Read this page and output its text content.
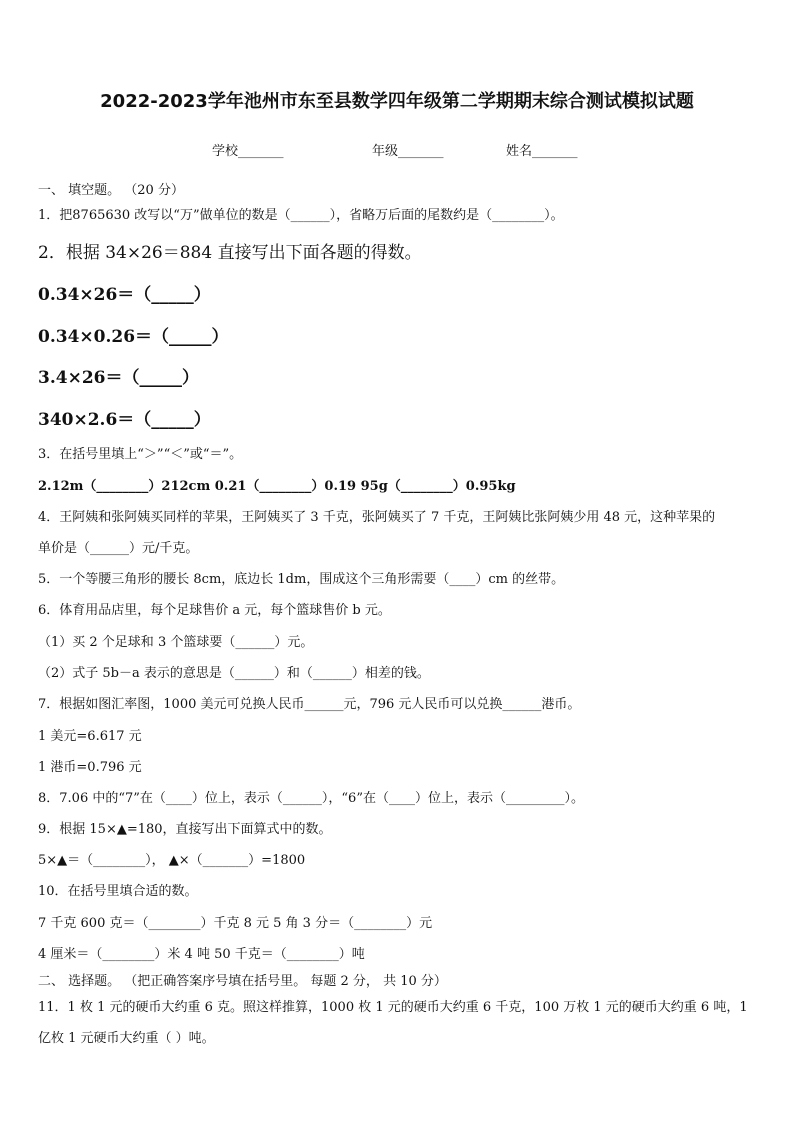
2022-2023学年池州市东至县数学四年级第二学期期末综合测试模拟试题
学校_______	年级_______	姓名_______
一、 填空题。 （20 分）
1．把8765630 改写以“万”做单位的数是（______），省略万后面的尾数约是（________）。
2．根据 34×26＝884 直接写出下面各题的得数。
0.34×26＝（_____）
0.34×0.26＝（_____）
3.4×26＝（_____）
340×2.6＝（_____）
3．在括号里填上“＞”“＜”或“＝”。
2.12m（________）212cm 0.21（________）0.19 95g（________）0.95kg
4．王阿姨和张阿姨买同样的苹果，王阿姨买了 3 千克，张阿姨买了 7 千克，王阿姨比张阿姨少用 48 元，这种苹果的
单价是（______）元/千克。
5．一个等腰三角形的腰长 8cm，底边长 1dm，围成这个三角形需要（____）cm 的丝带。
6．体育用品店里，每个足球售价 a 元，每个篮球售价 b 元。
（1）买 2 个足球和 3 个篮球要（______）元。
（2）式子 5b－a 表示的意思是（______）和（______）相差的钱。
7．根据如图汇率图，1000 美元可兑换人民币______元，796 元人民币可以兑换______港币。
1 美元=6.617 元
1 港币=0.796 元
8．7.06 中的“7”在（____）位上，表示（______），“6”在（____）位上，表示（_________）。
9．根据 15×▲=180，直接写出下面算式中的数。
5×▲＝（________）， ▲×（_______）=1800
10．在括号里填合适的数。
7 千克 600 克＝（________）千克 8 元 5 角 3 分＝（________）元
4 厘米＝（________）米 4 吨 50 千克＝（________）吨
二、 选择题。 （把正确答案序号填在括号里。 每题 2 分， 共 10 分）
11．1 枚 1 元的硬币大约重 6 克。照这样推算，1000 枚 1 元的硬币大约重 6 千克，100 万枚 1 元的硬币大约重 6 吨，1
亿枚 1 元硬币大约重（ ）吨。
